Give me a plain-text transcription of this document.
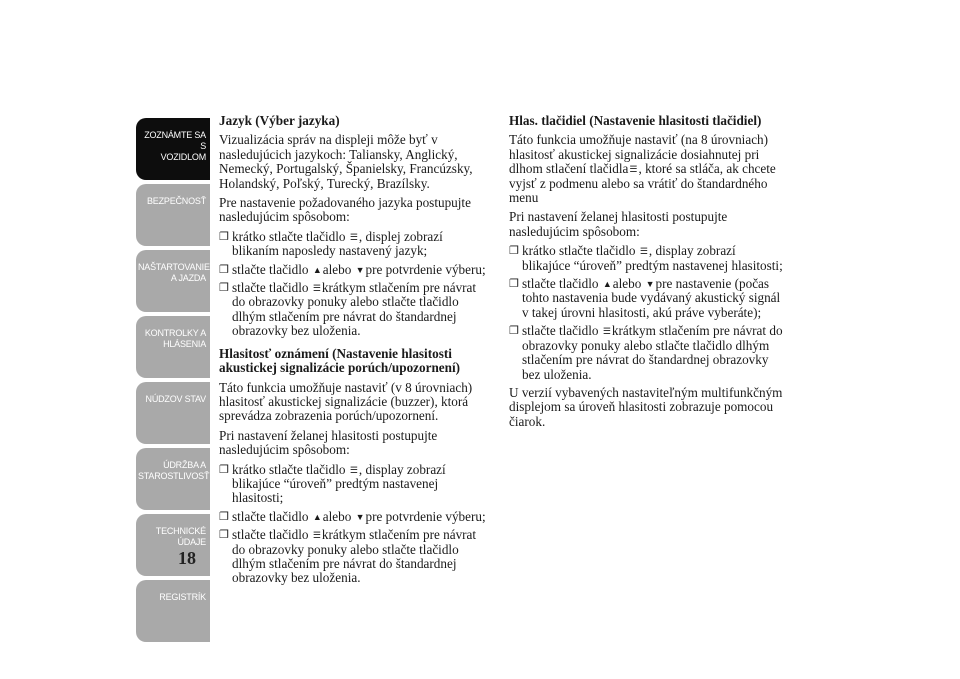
ZOZNÁMTE SA S
VOZIDLOM
BEZPEČNOSŤ
NAŠTARTOVANIE
A JAZDA
KONTROLKY A
HLÁSENIA
NÚDZOV STAV
ÚDRŽBA A
STAROSTLIVOSŤ
TECHNICKÉ
ÚDAJE
REGISTRÍK
18
Jazyk (Výber jazyka)

Vizualizácia správ na displeji môže byť v nasledujúcich jazykoch: Taliansky, Anglický, Nemecký, Portugalský, Španielsky, Francúzsky, Holandský, Poľský, Turecký, Brazílsky.

Pre nastavenie požadovaného jazyka postupujte nasledujúcim spôsobom:

❐ krátko stlačte tlačidlo ☰, displej zobrazí blikaním naposledy nastavený jazyk;
❐ stlačte tlačidlo ▲alebo ▼pre potvrdenie výberu;
❐ stlačte tlačidlo ☰krátkym stlačením pre návrat do obrazovky ponuky alebo stlačte tlačidlo dlhým stlačením pre návrat do štandardnej obrazovky bez uloženia.
Hlasitosť oznámení (Nastavenie hlasitosti akustickej signalizácie porúch/upozornení)

Táto funkcia umožňuje nastaviť (v 8 úrovniach) hlasitosť akustickej signalizácie (buzzer), ktorá sprevádza zobrazenia porúch/upozornení.

Pri nastavení želanej hlasitosti postupujte nasledujúcim spôsobom:

❐ krátko stlačte tlačidlo ☰, display zobrazí blikajúce “úroveň” predtým nastavenej hlasitosti;
❐ stlačte tlačidlo ▲alebo ▼pre potvrdenie výberu;
❐ stlačte tlačidlo ☰krátkym stlačením pre návrat do obrazovky ponuky alebo stlačte tlačidlo dlhým stlačením pre návrat do štandardnej obrazovky bez uloženia.
Hlas. tlačidiel (Nastavenie hlasitosti tlačidiel)

Táto funkcia umožňuje nastaviť (na 8 úrovniach) hlasitosť akustickej signalizácie dosiahnutej pri dlhom stlačení tlačidla☰, ktoré sa stláča, ak chcete vyjsť z podmenu alebo sa vrátiť do štandardného menu

Pri nastavení želanej hlasitosti postupujte nasledujúcim spôsobom:

❐ krátko stlačte tlačidlo ☰, display zobrazí blikajúce “úroveň” predtým nastavenej hlasitosti;
❐ stlačte tlačidlo ▲alebo ▼pre nastavenie (počas tohto nastavenia bude vydávaný akustický signál v takej úrovni hlasitosti, akú práve vyberáte);
❐ stlačte tlačidlo ☰krátkym stlačením pre návrat do obrazovky ponuky alebo stlačte tlačidlo dlhým stlačením pre návrat do štandardnej obrazovky bez uloženia.

U verzií vybavených nastaviteľným multifunkčným displejom sa úroveň hlasitosti zobrazuje pomocou čiarok.
